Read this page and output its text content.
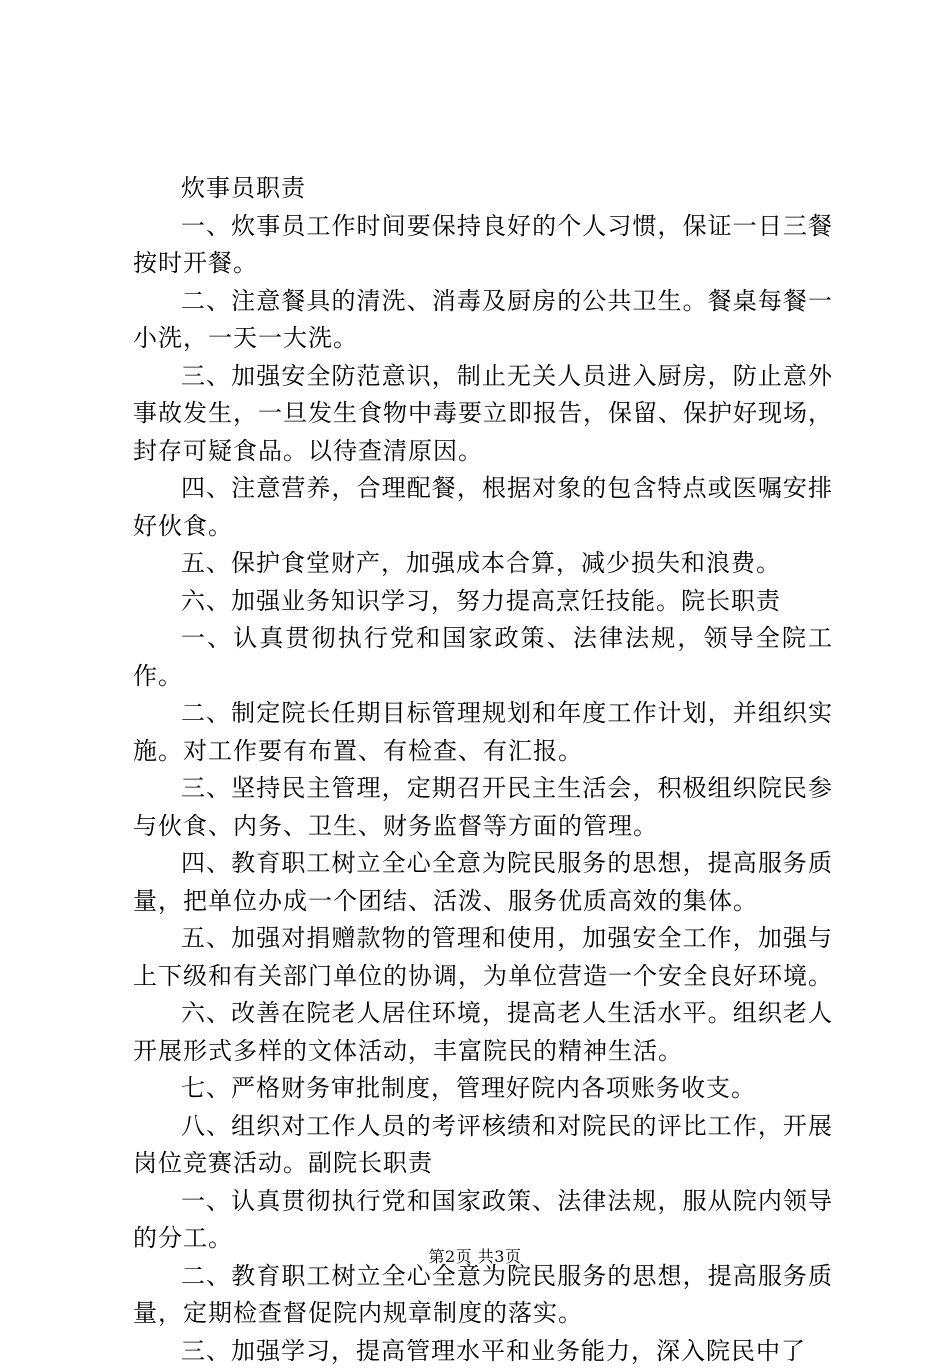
炊事员职责

一、炊事员工作时间要保持良好的个人习惯，保证一日三餐按时开餐。

二、注意餐具的清洗、消毒及厨房的公共卫生。餐桌每餐一小洗，一天一大洗。

三、加强安全防范意识，制止无关人员进入厨房，防止意外事故发生，一旦发生食物中毒要立即报告，保留、保护好现场，封存可疑食品。以待查清原因。

四、注意营养，合理配餐，根据对象的包含特点或医嘱安排好伙食。

五、保护食堂财产，加强成本合算，减少损失和浪费。

六、加强业务知识学习，努力提高烹饪技能。院长职责

一、认真贯彻执行党和国家政策、法律法规，领导全院工作。

二、制定院长任期目标管理规划和年度工作计划，并组织实施。对工作要有布置、有检查、有汇报。

三、坚持民主管理，定期召开民主生活会，积极组织院民参与伙食、内务、卫生、财务监督等方面的管理。

四、教育职工树立全心全意为院民服务的思想，提高服务质量，把单位办成一个团结、活泼、服务优质高效的集体。

五、加强对捐赠款物的管理和使用，加强安全工作，加强与上下级和有关部门单位的协调，为单位营造一个安全良好环境。

六、改善在院老人居住环境，提高老人生活水平。组织老人开展形式多样的文体活动，丰富院民的精神生活。

七、严格财务审批制度，管理好院内各项账务收支。

八、组织对工作人员的考评核绩和对院民的评比工作，开展岗位竞赛活动。副院长职责

一、认真贯彻执行党和国家政策、法律法规，服从院内领导的分工。

二、教育职工树立全心全意为院民服务的思想，提高服务质量，定期检查督促院内规章制度的落实。

三、加强学习，提高管理水平和业务能力，深入院民中了

第2页 共3页
